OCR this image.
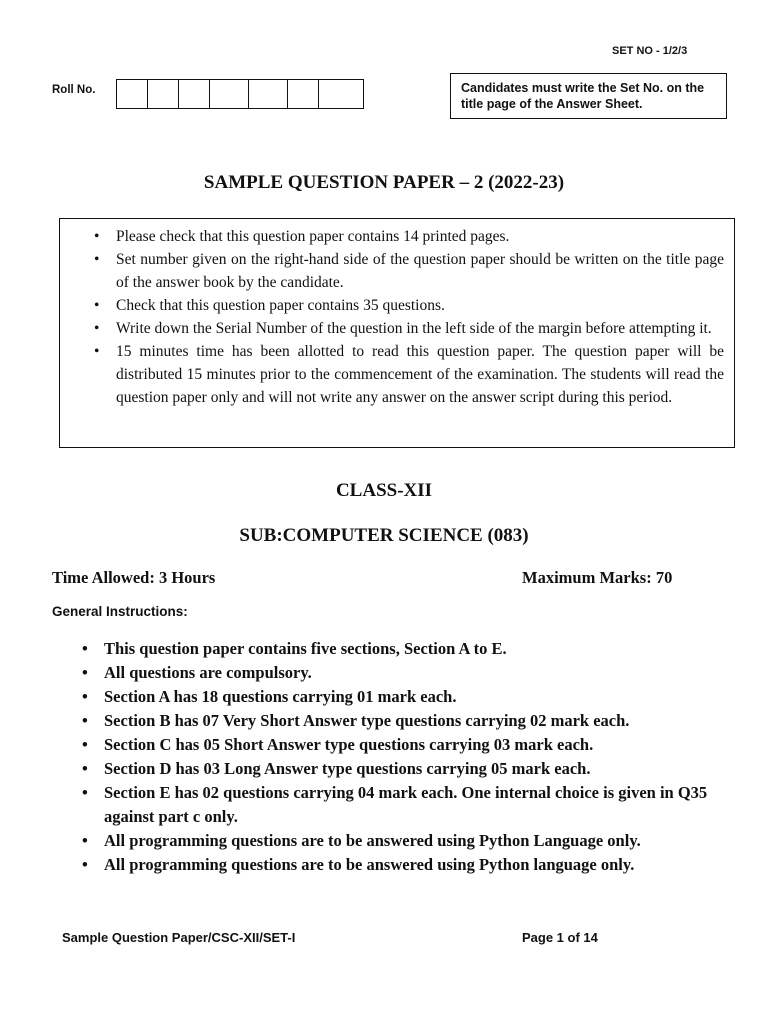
SET NO - 1/2/3
Roll No.	Candidates must write the Set No. on the title page of the Answer Sheet.
SAMPLE QUESTION PAPER – 2 (2022-23)
• Please check that this question paper contains 14 printed pages.
• Set number given on the right-hand side of the question paper should be written on the title page of the answer book by the candidate.
• Check that this question paper contains 35 questions.
• Write down the Serial Number of the question in the left side of the margin before attempting it.
• 15 minutes time has been allotted to read this question paper. The question paper will be distributed 15 minutes prior to the commencement of the examination. The students will read the question paper only and will not write any answer on the answer script during this period.
CLASS-XII
SUB:COMPUTER SCIENCE (083)
Time Allowed: 3 Hours	Maximum Marks: 70
General Instructions:
• This question paper contains five sections, Section A to E.
• All questions are compulsory.
• Section A has 18 questions carrying 01 mark each.
• Section B has 07 Very Short Answer type questions carrying 02 mark each.
• Section C has 05 Short Answer type questions carrying 03 mark each.
• Section D has 03 Long Answer type questions carrying 05 mark each.
• Section E has 02 questions carrying 04 mark each. One internal choice is given in Q35 against part c only.
• All programming questions are to be answered using Python Language only.
• All programming questions are to be answered using Python language only.
Sample Question Paper/CSC-XII/SET-I	Page 1 of 14
